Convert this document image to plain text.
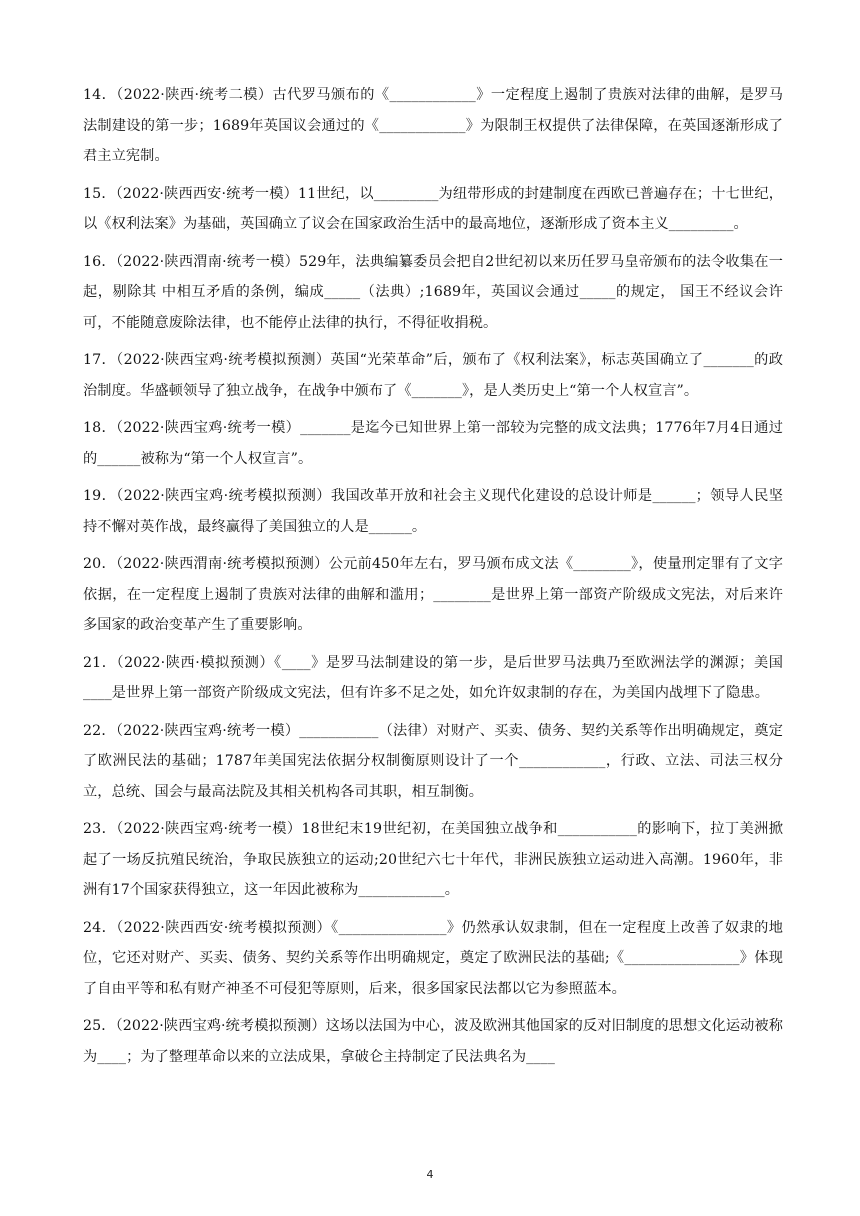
14．（2022·陕西·统考二模）古代罗马颁布的《____________》一定程度上遏制了贵族对法律的曲解，是罗马法制建设的第一步；1689年英国议会通过的《____________》为限制王权提供了法律保障，在英国逐渐形成了君主立宪制。

15．（2022·陕西西安·统考一模）11世纪，以_________为纽带形成的封建制度在西欧已普遍存在；十七世纪，以《权利法案》为基础，英国确立了议会在国家政治生活中的最高地位，逐渐形成了资本主义_________。

16．（2022·陕西渭南·统考一模）529年，法典编纂委员会把自2世纪初以来历任罗马皇帝颁布的法令收集在一起，剔除其 中相互矛盾的条例，编成_____（法典）;1689年，英国议会通过_____的规定， 国王不经议会许可，不能随意废除法律，也不能停止法律的执行，不得征收捐税。

17．（2022·陕西宝鸡·统考模拟预测）英国“光荣革命”后，颁布了《权利法案》，标志英国确立了_______的政治制度。华盛顿领导了独立战争，在战争中颁布了《_______》，是人类历史上“第一个人权宣言”。

18．（2022·陕西宝鸡·统考一模）_______是迄今已知世界上第一部较为完整的成文法典；1776年7月4日通过的______被称为“第一个人权宣言”。

19．（2022·陕西宝鸡·统考模拟预测）我国改革开放和社会主义现代化建设的总设计师是______；领导人民坚持不懈对英作战，最终赢得了美国独立的人是______。

20．（2022·陕西渭南·统考模拟预测）公元前450年左右，罗马颁布成文法《________》，使量刑定罪有了文字依据，在一定程度上遏制了贵族对法律的曲解和滥用；________是世界上第一部资产阶级成文宪法，对后来许多国家的政治变革产生了重要影响。

21．（2022·陕西·模拟预测）《____》是罗马法制建设的第一步，是后世罗马法典乃至欧洲法学的渊源；美国____是世界上第一部资产阶级成文宪法，但有许多不足之处，如允许奴隶制的存在，为美国内战埋下了隐患。

22．（2022·陕西宝鸡·统考一模）___________（法律）对财产、买卖、债务、契约关系等作出明确规定，奠定了欧洲民法的基础；1787年美国宪法依据分权制衡原则设计了一个____________，行政、立法、司法三权分立，总统、国会与最高法院及其相关机构各司其职，相互制衡。

23．（2022·陕西宝鸡·统考一模）18世纪末19世纪初，在美国独立战争和___________的影响下，拉丁美洲掀起了一场反抗殖民统治，争取民族独立的运动;20世纪六七十年代，非洲民族独立运动进入高潮。1960年，非洲有17个国家获得独立，这一年因此被称为____________。

24．（2022·陕西西安·统考模拟预测）《_______________》仍然承认奴隶制，但在一定程度上改善了奴隶的地位，它还对财产、买卖、债务、契约关系等作出明确规定，奠定了欧洲民法的基础;《________________》体现了自由平等和私有财产神圣不可侵犯等原则，后来，很多国家民法都以它为参照蓝本。

25．（2022·陕西宝鸡·统考模拟预测）这场以法国为中心，波及欧洲其他国家的反对旧制度的思想文化运动被称为____；为了整理革命以来的立法成果，拿破仑主持制定了民法典名为____

4
